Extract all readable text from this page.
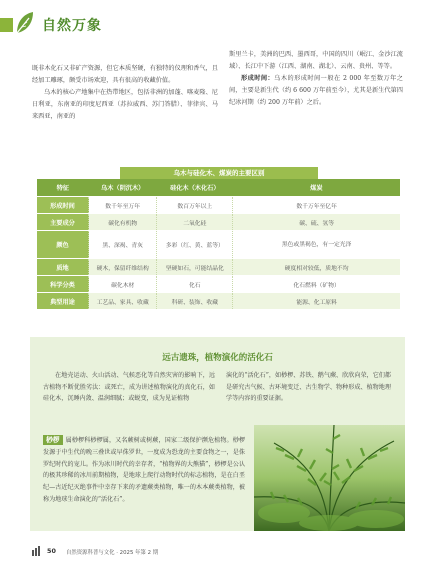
自然万象

既非木化石又非矿产资源，但它本质坚硬，有独特的仪理和香气，且经加工雕琢，颇受市场欢迎，具有很高的收藏价值。

乌木的核心产地集中在热带地区，包括非洲的加蓬、喀麦隆、尼日利亚，东南亚的印度尼西亚（苏拉威西、苏门答腊）、菲律宾、马来西亚，南亚的

斯里兰卡，美洲的巴西、墨西哥，中国的四川（岷江、金沙江流域）、长江中下游（江西、湖南、湖北）、云南、贵州、等等。

形成时间：乌木的形成时间一般在 2 000 年至数万年之间，主要是新生代（约 6 600 万年前至今），尤其是新生代第四纪冰河期（约 200 万年前）之后。

乌木与硅化木、煤炭的主要区别
特征	乌木（阴沉木）	硅化木（木化石）	煤炭
形成时间	数千年至万年	数百万年以上	数千万年至亿年
主要成分	碳化有机物	二氧化硅	碳、硫、氢等
颜色	黑、深褐、青灰	多彩（红、黄、蓝等）	黑色或黑褐色，有一定光泽
质地	硬木，保留纤维结构	坚硬如石，可能结晶化	硬度相对较低，质地不均
科学分类	碳化木材	化石	化石燃料（矿物）
典型用途	工艺品、家具、收藏	科研、装饰、收藏	能源、化工原料
远古遗珠，植物演化的活化石

在地壳运动、火山活动、气候恶化等自然灾害的影响下，远古植物不断优胜劣汰：或死亡，成为讲述植物演化的真化石，如硅化木，沉睡内敛、温润细腻；或蜕变，成为见证植物

演化的“活化石”，如桫椤、苏铁、鹅气蕨、欣欣向荣，它们都是研究古气候、古环境变迁、古生物学、物种形成、植物地理学等内容的重要证据。

桫椤 属桫椤科桫椤属，又名蕨树或树蕨，国家二级保护濒危植物。桫椤发源于中生代的晚三叠世或早侏罗世，一度成为恐龙的主要食物之一，是侏罗纪时代的宠儿。作为冰川时代的幸存者，“植物界的大熊猫”，桫椤是公认的极其珍稀的冰川前期植物，是地球上爬行动物时代的标志植物，是在白垩纪—古近纪灭绝事件中幸存下来的矛遗蕨类植物，唯一的木本蕨类植物，被称为地球生命演化的“活化石”。
50 自然资源科普与文化 · 2025 年第 2 期
